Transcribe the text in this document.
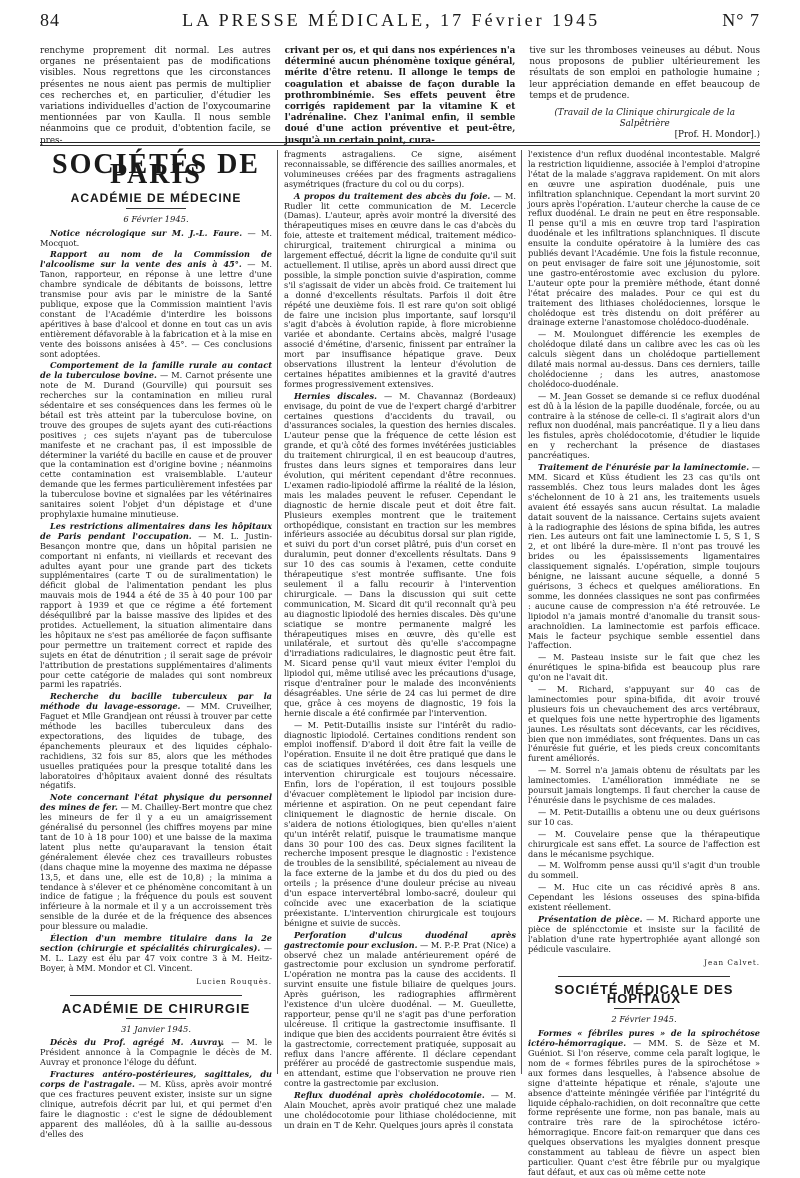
84	LA PRESSE MÉDICALE, 17 Février 1945	N° 7
renchyme proprement dit normal. Les autres organes ne présentaient pas de modifications visibles. Nous regrettons que les circonstances présentes ne nous aient pas permis de multiplier ces recherches et, en particulier, d'étudier les variations individuelles d'action de l'oxycoumarine mentionnées par von Kaulla. Il nous semble néanmoins que ce produit, d'obtention facile, se pres-
crivant per os, et qui dans nos expériences n'a déterminé aucun phénomène toxique général, mérite d'être retenu. Il allonge le temps de coagulation et abaisse de façon durable la prothrombinémie. Ses effets peuvent être corrigés rapidement par la vitamine K et l'adrénaline. Chez l'animal enfin, il semble doué d'une action préventive et peut-être, jusqu'à un certain point, cura-
tive sur les thromboses veineuses au début. Nous nous proposons de publier ultérieurement les résultats de son emploi en pathologie humaine ; leur appréciation demande en effet beaucoup de temps et de prudence.
(Travail de la Clinique chirurgicale de la Salpêtrière
[Prof. H. Mondor].)
SOCIÉTÉS DE PARIS
ACADÉMIE DE MÉDECINE
6 Février 1945.

Notice nécrologique sur M. J.-L. Faure. — M. Mocquot.

Rapport au nom de la Commission de l'alcoolisme sur la vente des anis à 45°. — M. Tanon, rapporteur, en réponse à une lettre d'une chambre syndicale de débitants de boissons, lettre transmise pour avis par le ministre de la Santé publique, expose que la Commission maintient l'avis constant de l'Académie d'interdire les boissons apéritives à base d'alcool et donne en tout cas un avis entièrement défavorable à la fabrication et à la mise en vente des boissons anisées à 45°. — Ces conclusions sont adoptées.

Comportement de la famille rurale au contact de la tuberculose bovine. — M. Carnot présente une note de M. Durand (Gourville) qui poursuit ses recherches sur la contamination en milieu rural sédentaire et ses conséquences dans les fermes où le bétail est très atteint par la tuberculose bovine, on trouve des groupes de sujets ayant des cuti-réactions positives ; ces sujets n'ayant pas de tuberculose manifeste et ne crachant pas, il est impossible de déterminer la variété du bacille en cause et de prouver que la contamination est d'origine bovine ; néanmoins cette contamination est vraisemblable. L'auteur demande que les fermes particulièrement infestées par la tuberculose bovine et signalées par les vétérinaires sanitaires soient l'objet d'un dépistage et d'une prophylaxie humaine minutieuse.

Les restrictions alimentaires dans les hôpitaux de Paris pendant l'occupation. — M. L. Justin-Besançon montre que, dans un hôpital parisien ne comportant ni enfants, ni vieillards et recevant des adultes ayant pour une grande part des tickets supplémentaires (carte T ou de suralimentation) le déficit global de l'alimentation pendant les plus mauvais mois de 1944 a été de 35 à 40 pour 100 par rapport à 1939 et que ce régime a été fortement déséquilibré par la baisse massive des lipides et des protides. Actuellement, la situation alimentaire dans les hôpitaux ne s'est pas améliorée de façon suffisante pour permettre un traitement correct et rapide des sujets en état de dénutrition ; il serait sage de prévoir l'attribution de prestations supplémentaires d'aliments pour cette catégorie de malades qui sont nombreux parmi les rapatriés.

Recherche du bacille tuberculeux par la méthode du lavage-essorage. — MM. Cruveilher, Faguet et Mlle Grandjean ont réussi à trouver par cette méthode les bacilles tuberculeux dans des expectorations, des liquides de tubage, des épanchements pleuraux et des liquides céphalo-rachidiens, 32 fois sur 85, alors que les méthodes usuelles pratiquées pour la presque totalité dans les laboratoires d'hôpitaux avaient donné des résultats négatifs.

Note concernant l'état physique du personnel des mines de fer. — M. Chailley-Bert montre que chez les mineurs de fer il y a eu un amaigrissement généralisé du personnel (les chiffres moyens par mine tant de 10 à 18 pour 100) et une baisse de la maxima latent plus nette qu'auparavant la tension était généralement élevée chez ces travailleurs robustes (dans chaque mine la moyenne des maxima ne dépasse 13,5, et dans une, elle est de 10,8) ; la minima a tendance à s'élever et ce phénomène concomitant à un indice de fatigue ; la fréquence du pouls est souvent inférieure à la normale et il y a un accroissement très sensible de la durée et de la fréquence des absences pour blessure ou maladie.

Élection d'un membre titulaire dans la 2e section (chirurgie et spécialités chirurgicales). — M. L. Lazy est élu par 47 voix contre 3 à M. Heitz-Boyer, à MM. Mondor et Cl. Vincent.

Lucien Rouquès.
ACADÉMIE DE CHIRURGIE
31 Janvier 1945.

Décès du Prof. agrégé M. Auvray. — M. le Président annonce à la Compagnie le décès de M. Auvray et prononce l'éloge du défunt.

Fractures antéro-postérieures, sagittales, du corps de l'astragale. — M. Küss, après avoir montré que ces fractures peuvent exister, insiste sur un signe clinique, autrefois décrit par lui, et qui permet d'en faire le diagnostic : c'est le signe de dédoublement apparent des malléoles, dû à la saillie au-dessous d'elles des

fragments astragaliens. Ce signe, aisément reconnaissable, se différencie des saillies anormales, et volumineuses créées par des fragments astragaliens asymétriques (fracture du col ou du corps).

A propos du traitement des abcès du foie. — M. Rudler lit cette communication de M. Lecercle (Damas). L'auteur, après avoir montré la diversité des thérapeutiques mises en œuvre dans le cas d'abcès du foie, atteste et traitement médical, traitement médico-chirurgical, traitement chirurgical a minima ou largement effectué, décrit la ligne de conduite qu'il suit actuellement. Il utilise, après un abord aussi direct que possible, la simple ponction suivie d'aspiration, comme s'il s'agissait de vider un abcès froid. Ce traitement lui a donné d'excellents résultats. Parfois il doit être répété une deuxième fois. Il est rare qu'on soit obligé de faire une incision plus importante, sauf lorsqu'il s'agit d'abcès à évolution rapide, à flore microbienne variée et abondante. Certains abcès, malgré l'usage associé d'émétine, d'arsenic, finissent par entraîner la mort par insuffisance hépatique grave. Deux observations illustrent la lenteur d'évolution de certaines hépatites amibiennes et la gravité d'autres formes progressivement extensives.

Hernies discales. — M. Chavannaz (Bordeaux) envisage, du point de vue de l'expert chargé d'arbitrer certaines questions d'accidents du travail, ou d'assurances sociales, la question des hernies discales. L'auteur pense que la fréquence de cette lésion est grande, et qu'à côté des formes invétérées justiciables du traitement chirurgical, il en est beaucoup d'autres, frustes dans leurs signes et temporaires dans leur évolution, qui méritent cependant d'être reconnues. L'examen radio-lipiodolé affirme la réalité de la lésion, mais les malades peuvent le refuser. Cependant le diagnostic de hernie discale peut et doit être fait. Plusieurs exemples montrent que le traitement orthopédique, consistant en traction sur les membres inférieurs associée au décubitus dorsal sur plan rigide, et suivi du port d'un corset plâtré, puis d'un corset en duralumin, peut donner d'excellents résultats. Dans 9 sur 10 des cas soumis à l'examen, cette conduite thérapeutique s'est montrée suffisante. Une fois seulement il a fallu recourir à l'intervention chirurgicale. — Dans la discussion qui suit cette communication, M. Sicard dit qu'il reconnaît qu'à peu au diagnostic lipiodolé des hernies discales. Dès qu'une sciatique se montre permanente malgré les thérapeutiques mises en œuvre, dès qu'elle est unilatérale, et surtout dès qu'elle s'accompagne d'irradiations radiculaires, le diagnostic peut être fait. M. Sicard pense qu'il vaut mieux éviter l'emploi du lipiodol qui, même utilisé avec les précautions d'usage, risque d'entraîner pour le malade des inconvénients désagréables. Une série de 24 cas lui permet de dire que, grâce à ces moyens de diagnostic, 19 fois la hernie discale a été confirmée par l'intervention.

— M. Petit-Dutaillis insiste sur l'intérêt du radio-diagnostic lipiodolé. Certaines conditions rendent son emploi inoffensif. D'abord il doit être fait la veille de l'opération. Ensuite il ne doit être pratiqué que dans le cas de sciatiques invétérées, ces dans lesquels une intervention chirurgicale est toujours nécessaire. Enfin, lors de l'opération, il est toujours possible d'évacuer complètement le lipiodol par incision dure-mérienne et aspiration. On ne peut cependant faire cliniquement le diagnostic de hernie discale. On s'aidera de notions étiologiques, bien qu'elles n'aient qu'un intérêt relatif, puisque le traumatisme manque dans 30 pour 100 des cas. Deux signes facilitent la recherche imposent presque le diagnostic : l'existence de troubles de la sensibilité, spécialement au niveau de la face externe de la jambe et du dos du pied ou des orteils ; la présence d'une douleur précise au niveau d'un espace intervertébral lombo-sacré, douleur qui coïncide avec une exacerbation de la sciatique préexistante. L'intervention chirurgicale est toujours bénigne et suivie de succès.

Perforation d'ulcus duodénal après gastrectomie pour exclusion. — M. P.-P. Prat (Nice) a observé chez un malade antérieurement opéré de gastrectomie pour exclusion un syndrome perforatif. L'opération ne montra pas la cause des accidents. Il survint ensuite une fistule biliaire de quelques jours. Après guérison, les radiographies affirmèrent l'existence d'un ulcère duodénal. — M. Gueullette, rapporteur, pense qu'il ne s'agit pas d'une perforation ulcéreuse. Il critique la gastrectomie insuffisante. Il indique que bien des accidents pourraient être évités si la gastrectomie, correctement pratiquée, supposait au reflux dans l'ancre afférente. Il déclare cependant préférer au procédé de gastrectomie suspendue mais, en attendant, estime que l'observation ne prouve rien contre la gastrectomie par exclusion.

Reflux duodénal après cholédocotomie. — M. Alain Mouchet, après avoir pratiqué chez une malade une cholédocotomie pour lithiase cholédocienne, mit un drain en T de Kehr. Quelques jours après il constata

l'existence d'un reflux duodénal incontestable. Malgré la restriction liquidienne, associée à l'emploi d'atropine l'état de la malade s'aggrava rapidement. On mit alors en œuvre une aspiration duodénale, puis une infiltration splanchnique. Cependant la mort survint 20 jours après l'opération. L'auteur cherche la cause de ce reflux duodénal. Le drain ne peut en être responsable. Il pense qu'il a mis en œuvre trop tard l'aspiration duodénale et les infiltrations splanchniques. Il discute ensuite la conduite opératoire à la lumière des cas publiés devant l'Académie. Une fois la fistule reconnue, on peut envisager de faire soit une jéjunostomie, soit une gastro-entérostomie avec exclusion du pylore. L'auteur opte pour la première méthode, étant donné l'état précaire des malades. Pour ce qui est du traitement des lithiases cholédociennes, lorsque le cholédoque est très distendu on doit préférer au drainage externe l'anastomose cholédoco-duodénale.

— M. Moulonguet différencie les exemples de cholédoque dilaté dans un calibre avec les cas où les calculs siègent dans un cholédoque partiellement dilaté mais normal au-dessus. Dans ces derniers, taille cholédocienne ; dans les autres, anastomose cholédoco-duodénale.

— M. Jean Gosset se demande si ce reflux duodénal est dû à la lésion de la papille duodénale, forcée, ou au contraire à la sténose de celle-ci. Il s'agirait alors d'un reflux non duodénal, mais pancréatique. Il y a lieu dans les fistules, après cholédocotomie, d'étudier le liquide en y recherchant la présence de diastases pancréatiques.

Traitement de l'énurésie par la laminectomie. — MM. Sicard et Küss étudient les 23 cas qu'ils ont rassemblés. Chez tous leurs malades dont les âges s'échelonnent de 10 à 21 ans, les traitements usuels avaient été essayés sans aucun résultat. La maladie datait souvent de la naissance. Certains sujets avaient à la radiographie des lésions de spina bifida, les autres rien. Les auteurs ont fait une laminectomie L 5, S 1, S 2, et ont libéré la dure-mère. Il n'ont pas trouvé les brides ou les épaississements ligamentaires classiquement signalés. L'opération, simple toujours bénigne, ne laissant aucune séquelle, a donné 5 guérisons, 3 échecs et quelques améliorations. En somme, les données classiques ne sont pas confirmées : aucune cause de compression n'a été retrouvée. Le lipiodol n'a jamais montré d'anomalie du transit sous-arachnoïdien. La laminectomie est parfois efficace. Mais le facteur psychique semble essentiel dans l'affection.

— M. Pasteau insiste sur le fait que chez les énurétiques le spina-bifida est beaucoup plus rare qu'on ne l'avait dit.

— M. Richard, s'appuyant sur 40 cas de laminectomies pour spina-bifida, dit avoir trouvé plusieurs fois un chevauchement des arcs vertébraux, et quelques fois une nette hypertrophie des ligaments jaunes. Les résultats sont décevants, car les récidives, bien que non immédiates, sont fréquentes. Dans un cas l'énurésie fut guérie, et les pieds creux concomitants furent améliorés.

— M. Sorrel n'a jamais obtenu de résultats par les laminectomies. L'amélioration immédiate ne se poursuit jamais longtemps. Il faut chercher la cause de l'énurésie dans le psychisme de ces malades.

— M. Petit-Dutaillis a obtenu une ou deux guérisons sur 10 cas.

— M. Couvelaire pense que la thérapeutique chirurgicale est sans effet. La source de l'affection est dans le mécanisme psychique.

— M. Wolfromm pense aussi qu'il s'agit d'un trouble du sommeil.

— M. Huc cite un cas récidivé après 8 ans. Cependant les lésions osseuses des spina-bifida existent réellement.

Présentation de pièce. — M. Richard apporte une pièce de spléncctomie et insiste sur la facilité de l'ablation d'une rate hypertrophiée ayant allongé son pédicule vasculaire.

Jean Calvet.
SOCIÉTÉ MÉDICALE DES HOPITAUX
2 Février 1945.

Formes « fébriles pures » de la spirochétose ictéro-hémorragique. — MM. S. de Sèze et M. Guéniot. Si l'on réserve, comme cela paraît logique, le nom de « formes fébriles pures de la spirochétose » aux formes dans lesquelles, à l'absence absolue de signe d'atteinte hépatique et rénale, s'ajoute une absence d'atteinte méningée vérifiée par l'intégrité du liquide céphalo-rachidien, on doit reconnaître que cette forme représente une forme, non pas banale, mais au contraire très rare de la spirochétose ictéro-hémorragique. Encore fait-on remarquer que dans ces quelques observations les myalgies donnent presque constamment au tableau de fièvre un aspect bien particulier. Quant c'est être fébrile pur ou myalgique faut défaut, et aux cas où même cette note
